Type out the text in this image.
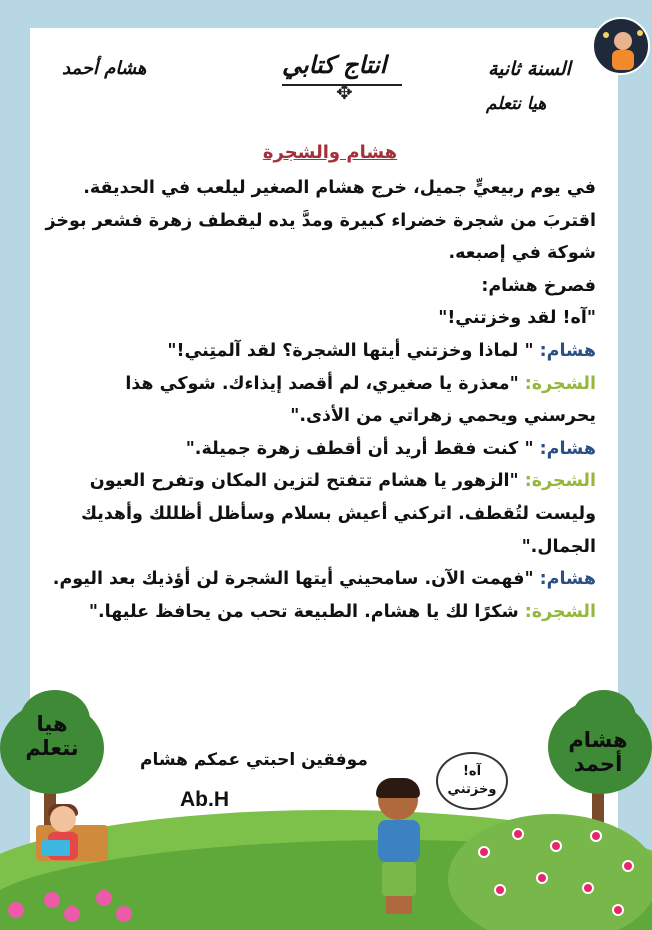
السنة ثانية
هيا نتعلم
انتاج كتابي
✥
هشام أحمد
هشام والشجرة
في يوم ربيعيٍّ جميل، خرج هشام الصغير ليلعب في الحديقة.
اقتربَ من شجرة خضراء كبيرة ومدَّ يده ليقطف زهرة فشعر بوخز
شوكة في إصبعه.
فصرخ هشام:
"آه! لقد وخزتني!"
هشام: " لماذا وخزتني أيتها الشجرة؟ لقد آلمتِني!"
الشجرة: "معذرة يا صغيري، لم أقصد إيذاءك. شوكي هذا
يحرسني ويحمي زهراتي من الأذى."
هشام: " كنت فقط أريد أن أقطف زهرة جميلة."
الشجرة: "الزهور يا هشام تتفتح لتزين المكان وتفرح العيون
وليست لتُقطف. اتركني أعيش بسلام وسأظل أظللك وأهديك
الجمال."
هشام: "فهمت الآن. سامحيني أيتها الشجرة لن أؤذيك بعد اليوم.
الشجرة: شكرًا لك يا هشام. الطبيعة تحب من يحافظ عليها."
هيا
نتعلم	هشام
أحمد
آه!
وخزتني
موفقين احبتي عمكم هشام
Ab.H
